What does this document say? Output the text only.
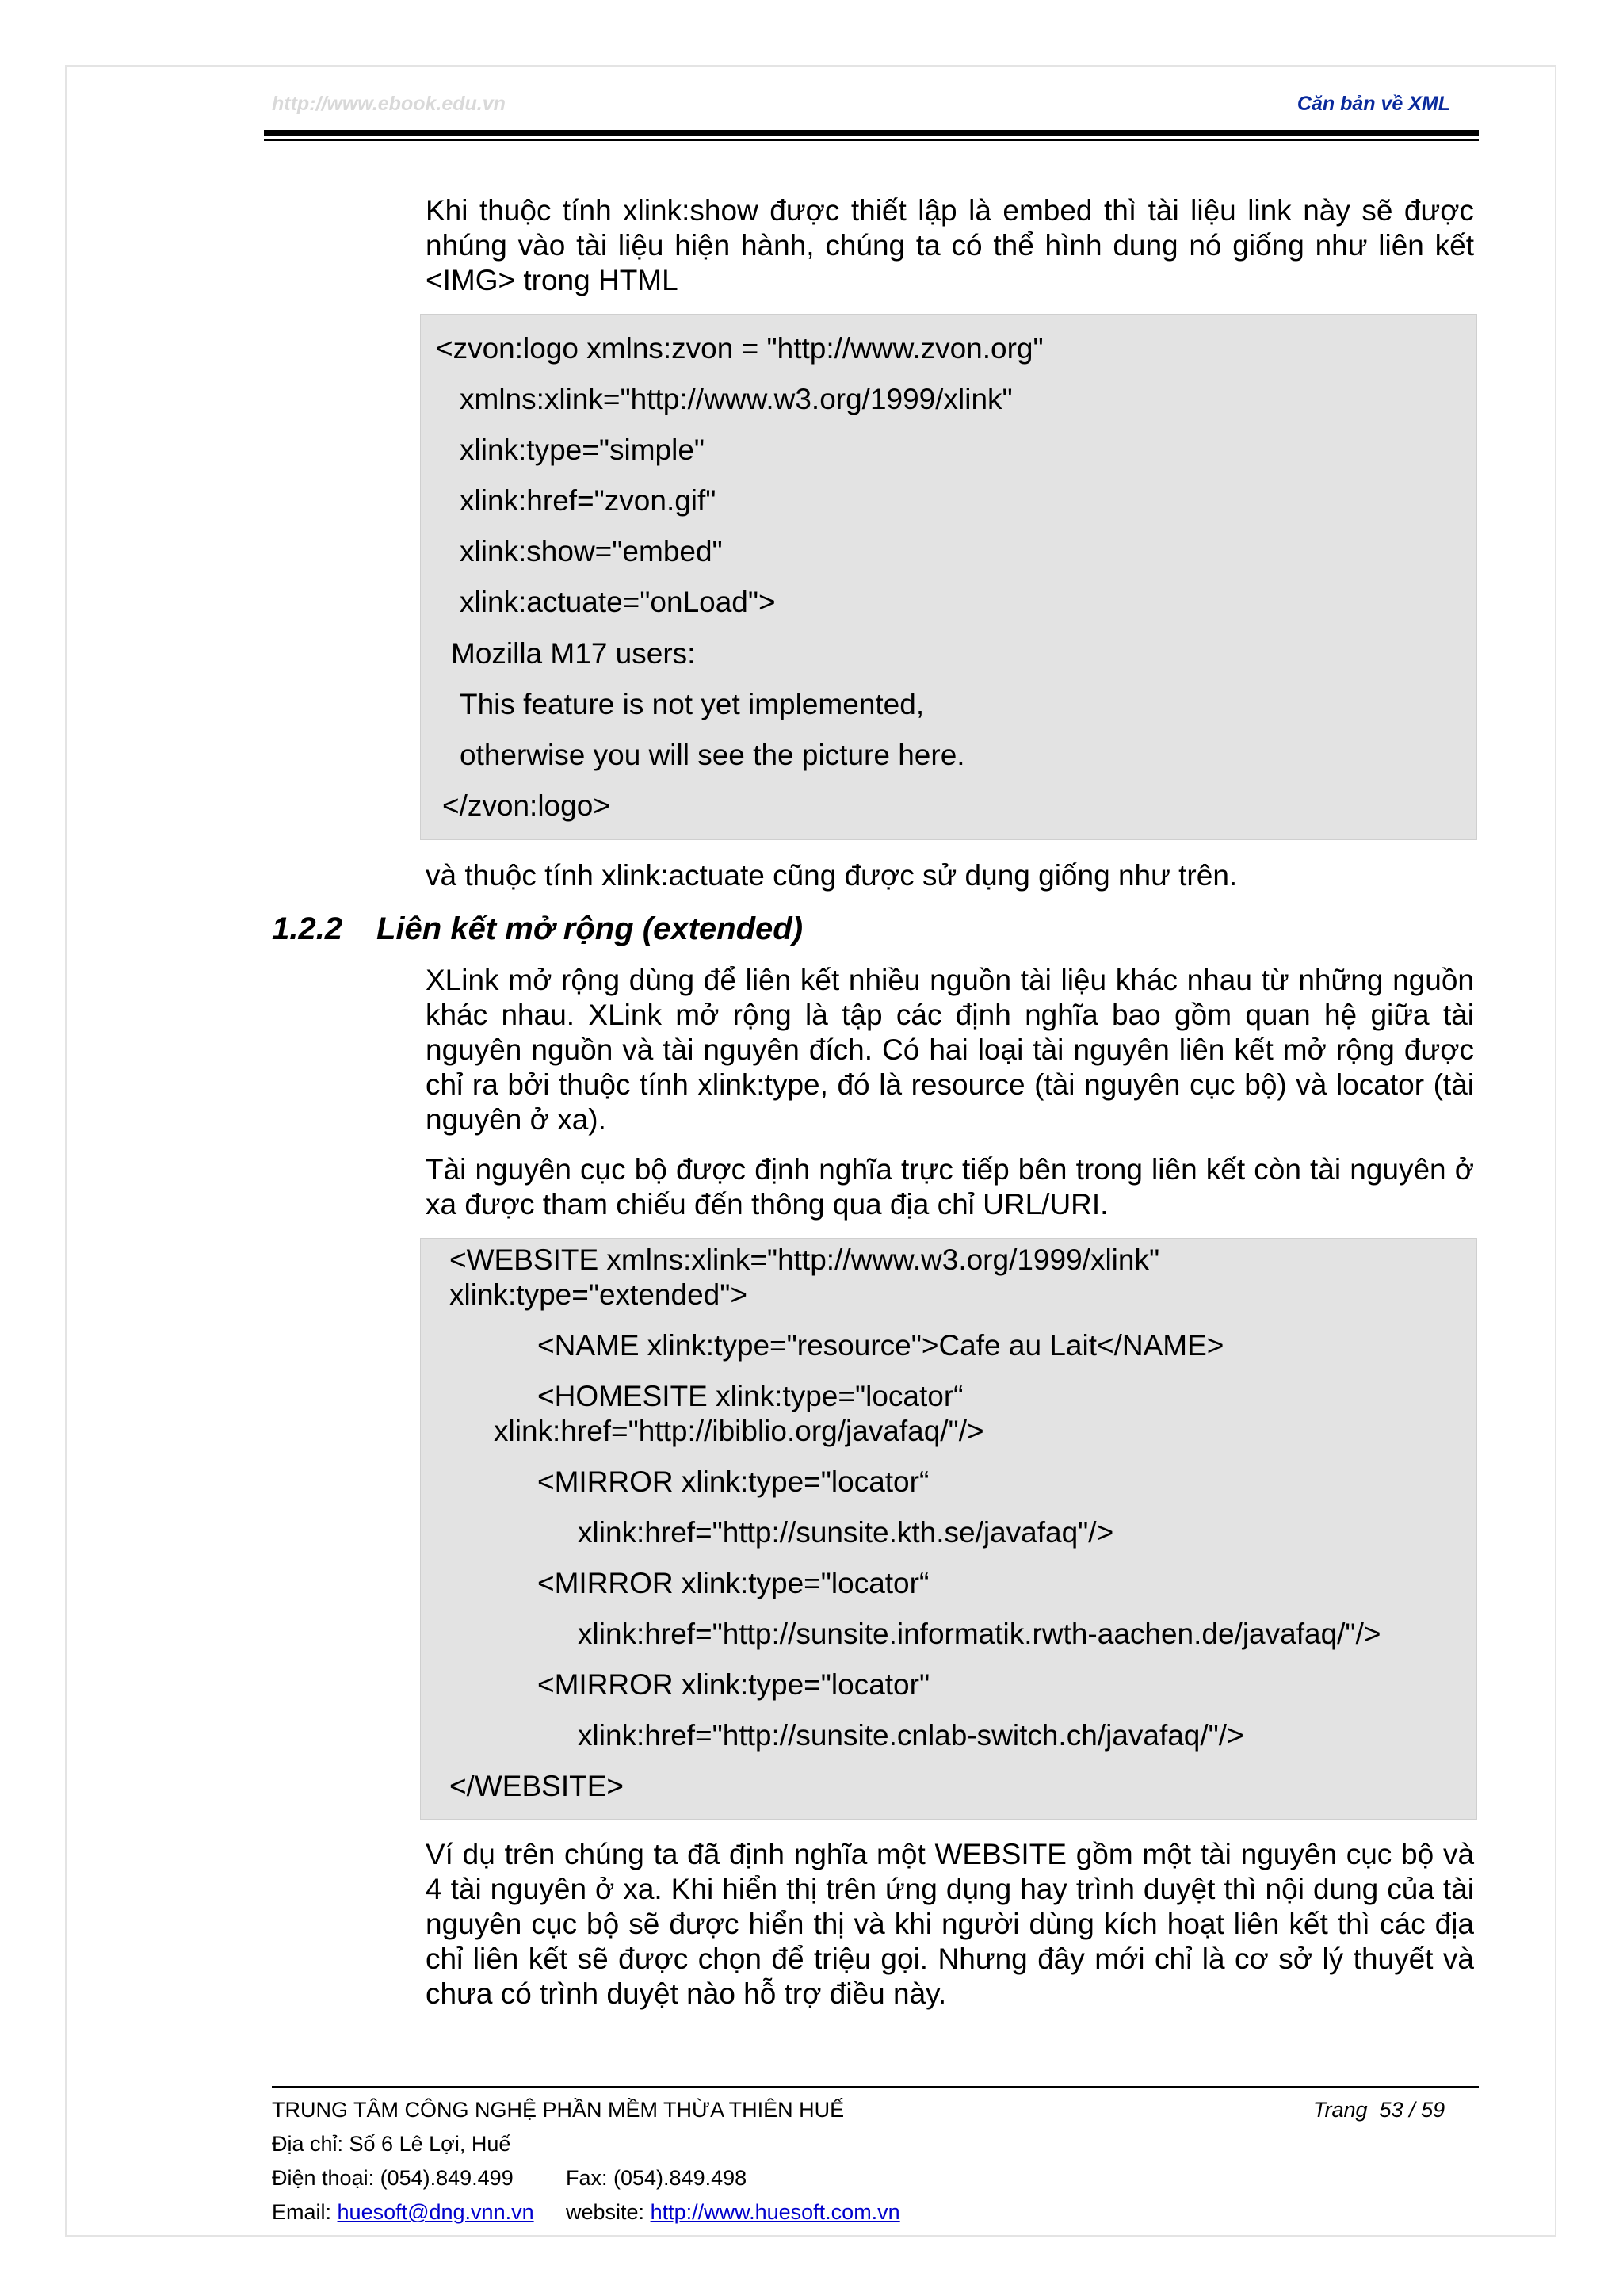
http://www.ebook.edu.vn	Căn bản về XML
Khi thuộc tính xlink:show được thiết lập là embed thì tài liệu link này sẽ được nhúng vào tài liệu hiện hành, chúng ta có thể hình dung nó giống như liên kết <IMG> trong HTML
<zvon:logo xmlns:zvon = "http://www.zvon.org"
xmlns:xlink="http://www.w3.org/1999/xlink"
xlink:type="simple"
xlink:href="zvon.gif"
xlink:show="embed"
xlink:actuate="onLoad">
Mozilla M17 users:
This feature is not yet implemented,
otherwise you will see the picture here.
</zvon:logo>
và thuộc tính xlink:actuate cũng được sử dụng giống như trên.
1.2.2 Liên kết mở rộng (extended)
XLink mở rộng dùng để liên kết nhiều nguồn tài liệu khác nhau từ những nguồn khác nhau. XLink mở rộng là tập các định nghĩa bao gồm quan hệ giữa tài nguyên nguồn và tài nguyên đích. Có hai loại tài nguyên liên kết mở rộng được chỉ ra bởi thuộc tính xlink:type, đó là resource (tài nguyên cục bộ) và locator (tài nguyên ở xa).
Tài nguyên cục bộ được định nghĩa trực tiếp bên trong liên kết còn tài nguyên ở xa được tham chiếu đến thông qua địa chỉ URL/URI.
<WEBSITE xmlns:xlink="http://www.w3.org/1999/xlink"
xlink:type="extended">
<NAME xlink:type="resource">Cafe au Lait</NAME>
<HOMESITE xlink:type="locator“
xlink:href="http://ibiblio.org/javafaq/"/>
<MIRROR xlink:type="locator“
xlink:href="http://sunsite.kth.se/javafaq"/>
<MIRROR xlink:type="locator“
xlink:href="http://sunsite.informatik.rwth-aachen.de/javafaq/"/>
<MIRROR xlink:type="locator"
xlink:href="http://sunsite.cnlab-switch.ch/javafaq/"/>
</WEBSITE>
Ví dụ trên chúng ta đã định nghĩa một WEBSITE gồm một tài nguyên cục bộ và 4 tài nguyên ở xa. Khi hiển thị trên ứng dụng hay trình duyệt thì nội dung của tài nguyên cục bộ sẽ được hiển thị và khi người dùng kích hoạt liên kết thì các địa chỉ liên kết sẽ được chọn để triệu gọi. Nhưng đây mới chỉ là cơ sở lý thuyết và chưa có trình duyệt nào hỗ trợ điều này.
TRUNG TÂM CÔNG NGHỆ PHẦN MỀM THỪA THIÊN HUẾ	Trang  53 / 59
Địa chỉ: Số 6 Lê Lợi, Huế
Điện thoại: (054).849.499 Fax: (054).849.498
Email: huesoft@dng.vnn.vn website: http://www.huesoft.com.vn
